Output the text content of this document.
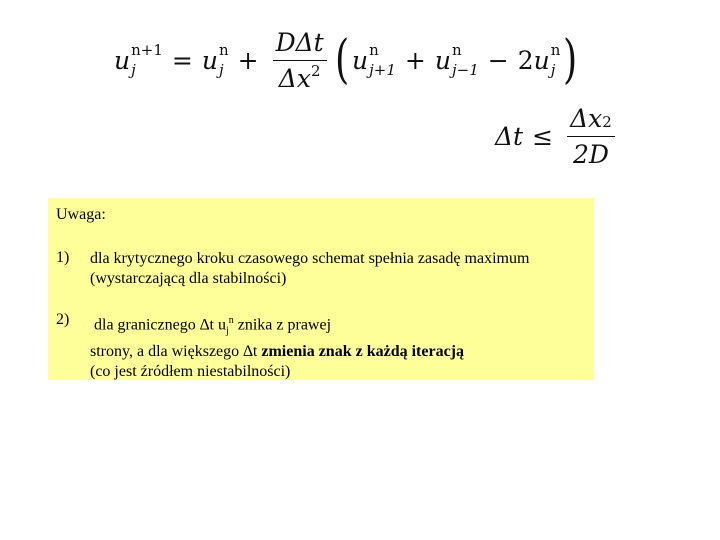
u n+1
j	= u n
$j + \frac{\text{DΔt}}{\Delta x 2}$ ( u n
j+1 + u n
j−1 − 2 u n
j )
$\Delta t \le \frac{\Delta x 2}{2D}$
Uwaga:
1) dla krytycznego kroku czasowego schemat spełnia zasadę maximum
(wystarczającą dla stabilności)
2) dla granicznego ∆t $u_j^n$ znika z prawej
strony, a dla większego ∆t zmienia znak z każdą iteracją
(co jest źródłem niestabilności)
